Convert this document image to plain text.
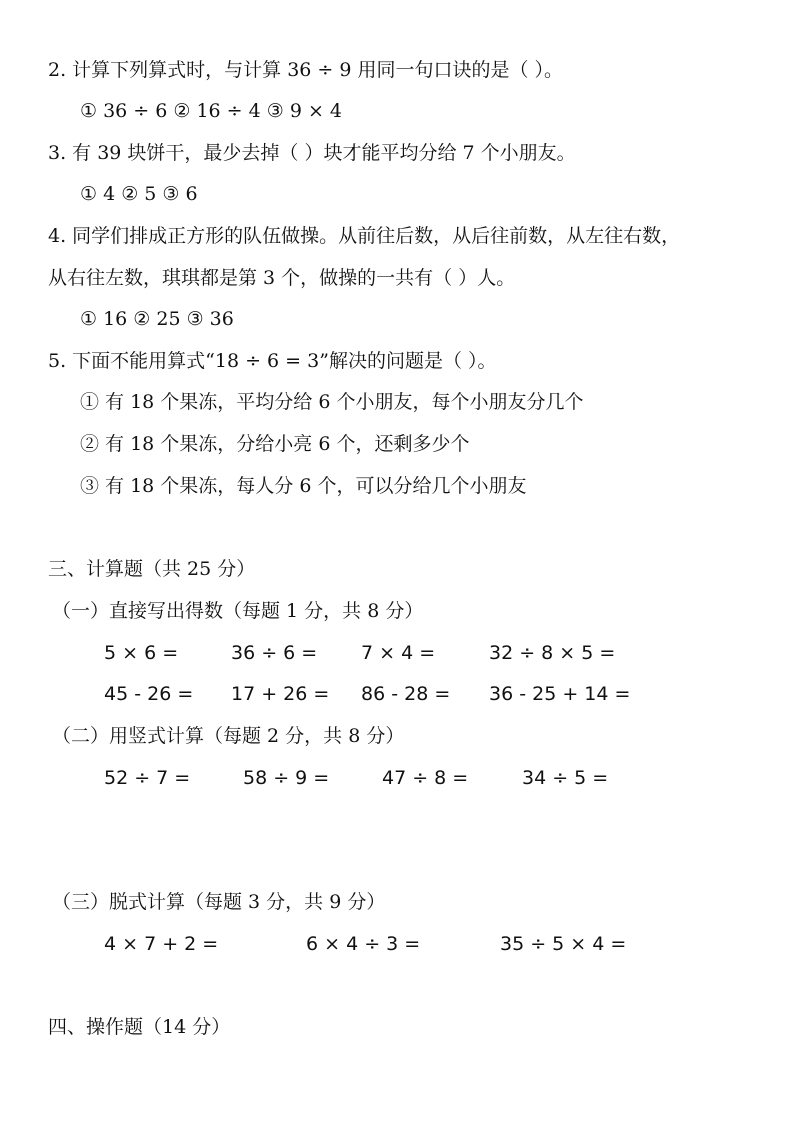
2. 计算下列算式时，与计算 36 ÷ 9 用同一句口诀的是（ ）。
① 36 ÷ 6 ② 16 ÷ 4 ③ 9 × 4
3. 有 39 块饼干，最少去掉（ ）块才能平均分给 7 个小朋友。
① 4 ② 5 ③ 6
4. 同学们排成正方形的队伍做操。从前往后数，从后往前数，从左往右数，
从右往左数，琪琪都是第 3 个，做操的一共有（ ）人。
① 16 ② 25 ③ 36
5. 下面不能用算式“18 ÷ 6 = 3”解决的问题是（ ）。
① 有 18 个果冻，平均分给 6 个小朋友，每个小朋友分几个
② 有 18 个果冻，分给小亮 6 个，还剩多少个
③ 有 18 个果冻，每人分 6 个，可以分给几个小朋友
三、计算题（共 25 分）
（一）直接写出得数（每题 1 分，共 8 分）
5 × 6 =	36 ÷ 6 = 7 × 4 =	32 ÷ 8 × 5 =
45 - 26 = 17 + 26 = 86 - 28 = 36 - 25 + 14 =
（二）用竖式计算（每题 2 分，共 8 分）
52 ÷ 7 =	58 ÷ 9 =	47 ÷ 8 =	34 ÷ 5 =
（三）脱式计算（每题 3 分，共 9 分）
4 × 7 + 2 =	6 × 4 ÷ 3 =	35 ÷ 5 × 4 =
四、操作题（14 分）
